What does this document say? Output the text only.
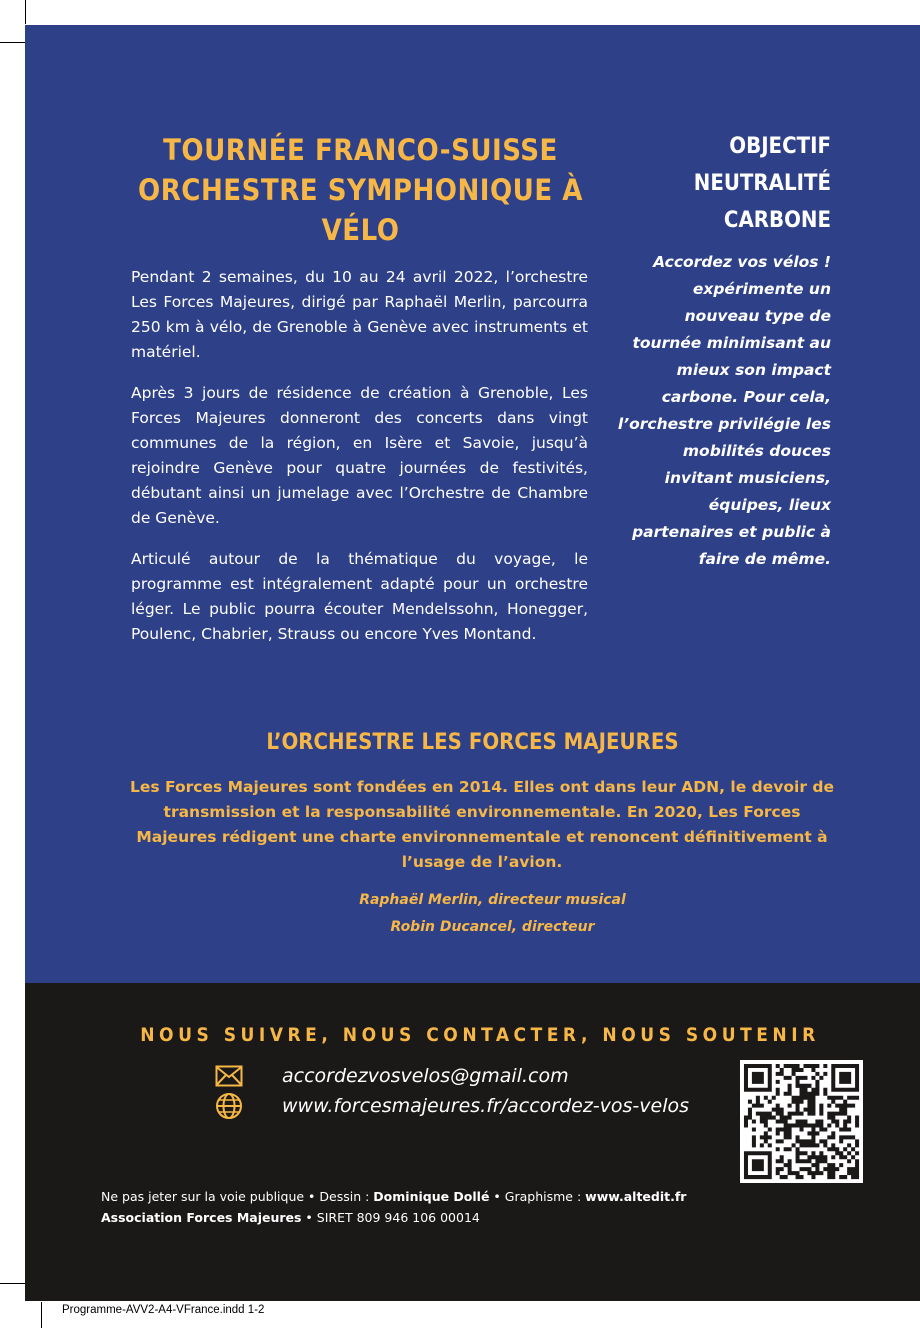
TOURNÉE FRANCO-SUISSE
ORCHESTRE SYMPHONIQUE À
VÉLO

Pendant 2 semaines, du 10 au 24 avril 2022, l’orchestre Les Forces Majeures, dirigé par Raphaël Merlin, parcourra 250 km à vélo, de Grenoble à Genève avec instruments et matériel.

Après 3 jours de résidence de création à Grenoble, Les Forces Majeures donneront des concerts dans vingt communes de la région, en Isère et Savoie, jusqu’à rejoindre Genève pour quatre journées de festivités, débutant ainsi un jumelage avec l’Orchestre de Chambre de Genève.

Articulé autour de la thématique du voyage, le programme est intégralement adapté pour un orchestre léger. Le public pourra écouter Mendelssohn, Honegger, Poulenc, Chabrier, Strauss ou encore Yves Montand.

OBJECTIF
NEUTRALITÉ
CARBONE

Accordez vos vélos ! expérimente un nouveau type de tournée minimisant au mieux son impact carbone. Pour cela, l’orchestre privilégie les mobilités douces invitant musiciens, équipes, lieux partenaires et public à faire de même.

L’ORCHESTRE LES FORCES MAJEURES

Les Forces Majeures sont fondées en 2014. Elles ont dans leur ADN, le devoir de transmission et la responsabilité environnementale. En 2020, Les Forces Majeures rédigent une charte environnementale et renoncent définitivement à l’usage de l’avion.

Raphaël Merlin, directeur musical
Robin Ducancel, directeur
NOUS SUIVRE, NOUS CONTACTER, NOUS SOUTENIR
accordezvosvelos@gmail.com
www.forcesmajeures.fr/accordez-vos-velos
Ne pas jeter sur la voie publique • Dessin : Dominique Dollé • Graphisme : www.altedit.fr
Association Forces Majeures • SIRET 809 946 106 00014
Programme-AVV2-A4-VFrance.indd 1-2
